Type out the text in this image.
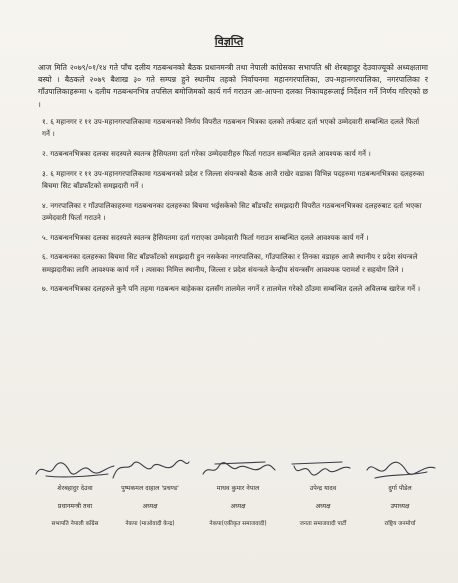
विज्ञप्ति
आज मिति २०७९/०१/१४ गते पाँच दलीय गठबन्धनको बैठक प्रधानमन्त्री तथा नेपाली कांग्रेसका सभापति श्री शेरबहादुर देउवाज्यूको अध्यक्षतामा बस्यो । बैठकले २०७९ बैशाख ३० गते सम्पन्न हुने स्थानीय तहको निर्वाचनमा महानगरपालिका, उप-महानगरपालिका, नगरपालिका र गाँउपालिकाहरूमा ५ दलीय गठबन्धनभित्र तपसिल बमोजिमको कार्य गर्न गराउन आ-आफ्ना दलका निकायहरूलाई निर्देशन गर्ने निर्णय गरिएको छ ।

१. ६ महानगर र ११ उप-महानगरपालिकामा गठबन्धनको निर्णय विपरीत गठबन्धन भित्रका दलको तर्फबाट दर्ता भएको उम्मेदवारी सम्बन्धित दलले फिर्ता गर्ने ।

२. गठबन्धनभित्रका दलका सदस्यले स्वतन्त्र हैसियतमा दर्ता गरेका उम्मेदवारीहरु फिर्ता गराउन सम्बन्धित दलले आवश्यक कार्य गर्ने ।

३. ६ महानगर र ११ उप-महानगरपालिकामा गठबन्धनको प्रदेश र जिल्ला संयन्त्रको बैठक आजै राखेर वडाका विभिन्न पदहरुमा गठबन्धनभित्रका दलहरुका बिचमा सिट बाँडफाँटको समझदारी गर्ने ।

४. नगरपालिका र गाँउपालिकाहरुमा गठबन्धनका दलहरुका बिचमा भईसकेको सिट बाँडफाँट समझदारी विपरीत गठबन्धनभित्रका दलहरुबाट दर्ता भएका उम्मेदवारी फिर्ता गराउने ।

५. गठबन्धनभित्रका दलका सदस्यले स्वतन्त्र हैसियतमा दर्ता गराएका उम्मेदवारी फिर्ता गराउन सम्बन्धित दलले आवश्यक कार्य गर्ने ।

६. गठबन्धनका दलहरुका बिचमा सिट बाँडफाँटको समझदारी हुन नसकेका नगरपालिका, गाँउपालिका र तिनका वडाहरु आजै स्थानीय र प्रदेश संयन्त्रले समझदारीका लागि आवश्यक कार्य गर्ने । त्यसका निमित्त स्थानीय, जिल्ला र प्रदेश संयन्त्रले केन्द्रीय संयन्त्रसँग आवश्यक परामर्श र सहयोग लिने ।

७. गठबन्धनभित्रका दलहरुले कुनै पनि तहमा गठबन्धन बाहेकका दलसँग तालमेल नगर्ने र तालमेल गरेको ठाँउमा सम्बन्धित दलले अविलम्ब खारेज गर्ने ।

शेरबहादुर देउवा
प्रधानमन्त्री तथा
सभापति नेपाली काँग्रेस
पुष्पकमल दाहाल 'प्रचण्ड'
अध्यक्ष
नेकपा (माओवादी केन्द्र)
माधव कुमार नेपाल
अध्यक्ष
नेकपा(एकीकृत समाजवादी)
उपेन्द्र यादव
अध्यक्ष
जनता समाजवादी पार्टी
दुर्गा पौडेल
उपाध्यक्ष
राष्ट्रिय जनमोर्चा
